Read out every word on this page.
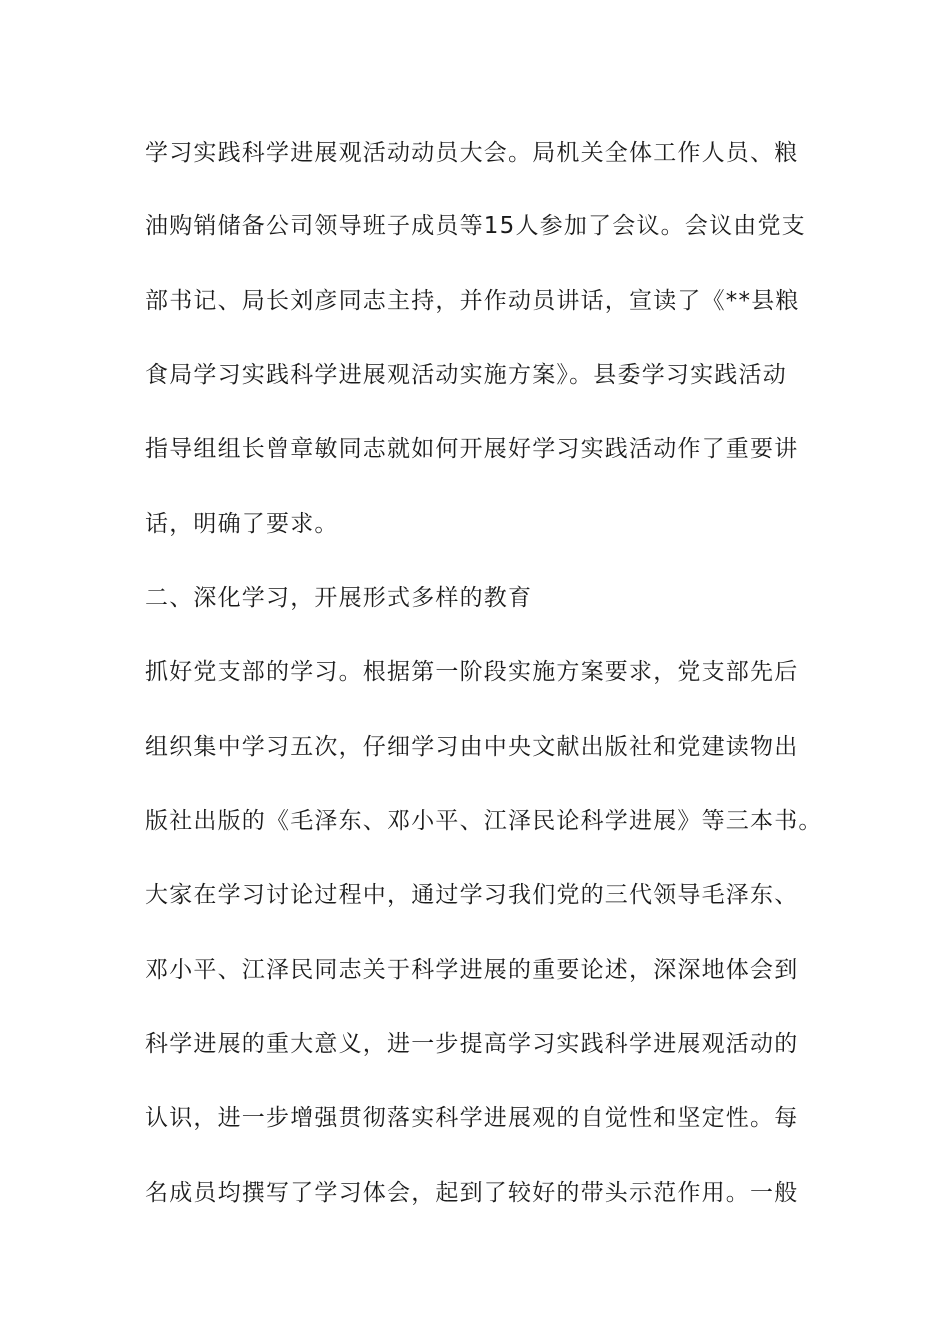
学习实践科学进展观活动动员大会。局机关全体工作人员、粮

油购销储备公司领导班子成员等15人参加了会议。会议由党支

部书记、局长刘彦同志主持，并作动员讲话，宣读了《**县粮

食局学习实践科学进展观活动实施方案》。县委学习实践活动

指导组组长曾章敏同志就如何开展好学习实践活动作了重要讲

话，明确了要求。

二、深化学习，开展形式多样的教育

抓好党支部的学习。根据第一阶段实施方案要求，党支部先后

组织集中学习五次，仔细学习由中央文献出版社和党建读物出

版社出版的《毛泽东、邓小平、江泽民论科学进展》等三本书。

大家在学习讨论过程中，通过学习我们党的三代领导毛泽东、

邓小平、江泽民同志关于科学进展的重要论述，深深地体会到

科学进展的重大意义，进一步提高学习实践科学进展观活动的

认识，进一步增强贯彻落实科学进展观的自觉性和坚定性。每

名成员均撰写了学习体会，起到了较好的带头示范作用。一般
